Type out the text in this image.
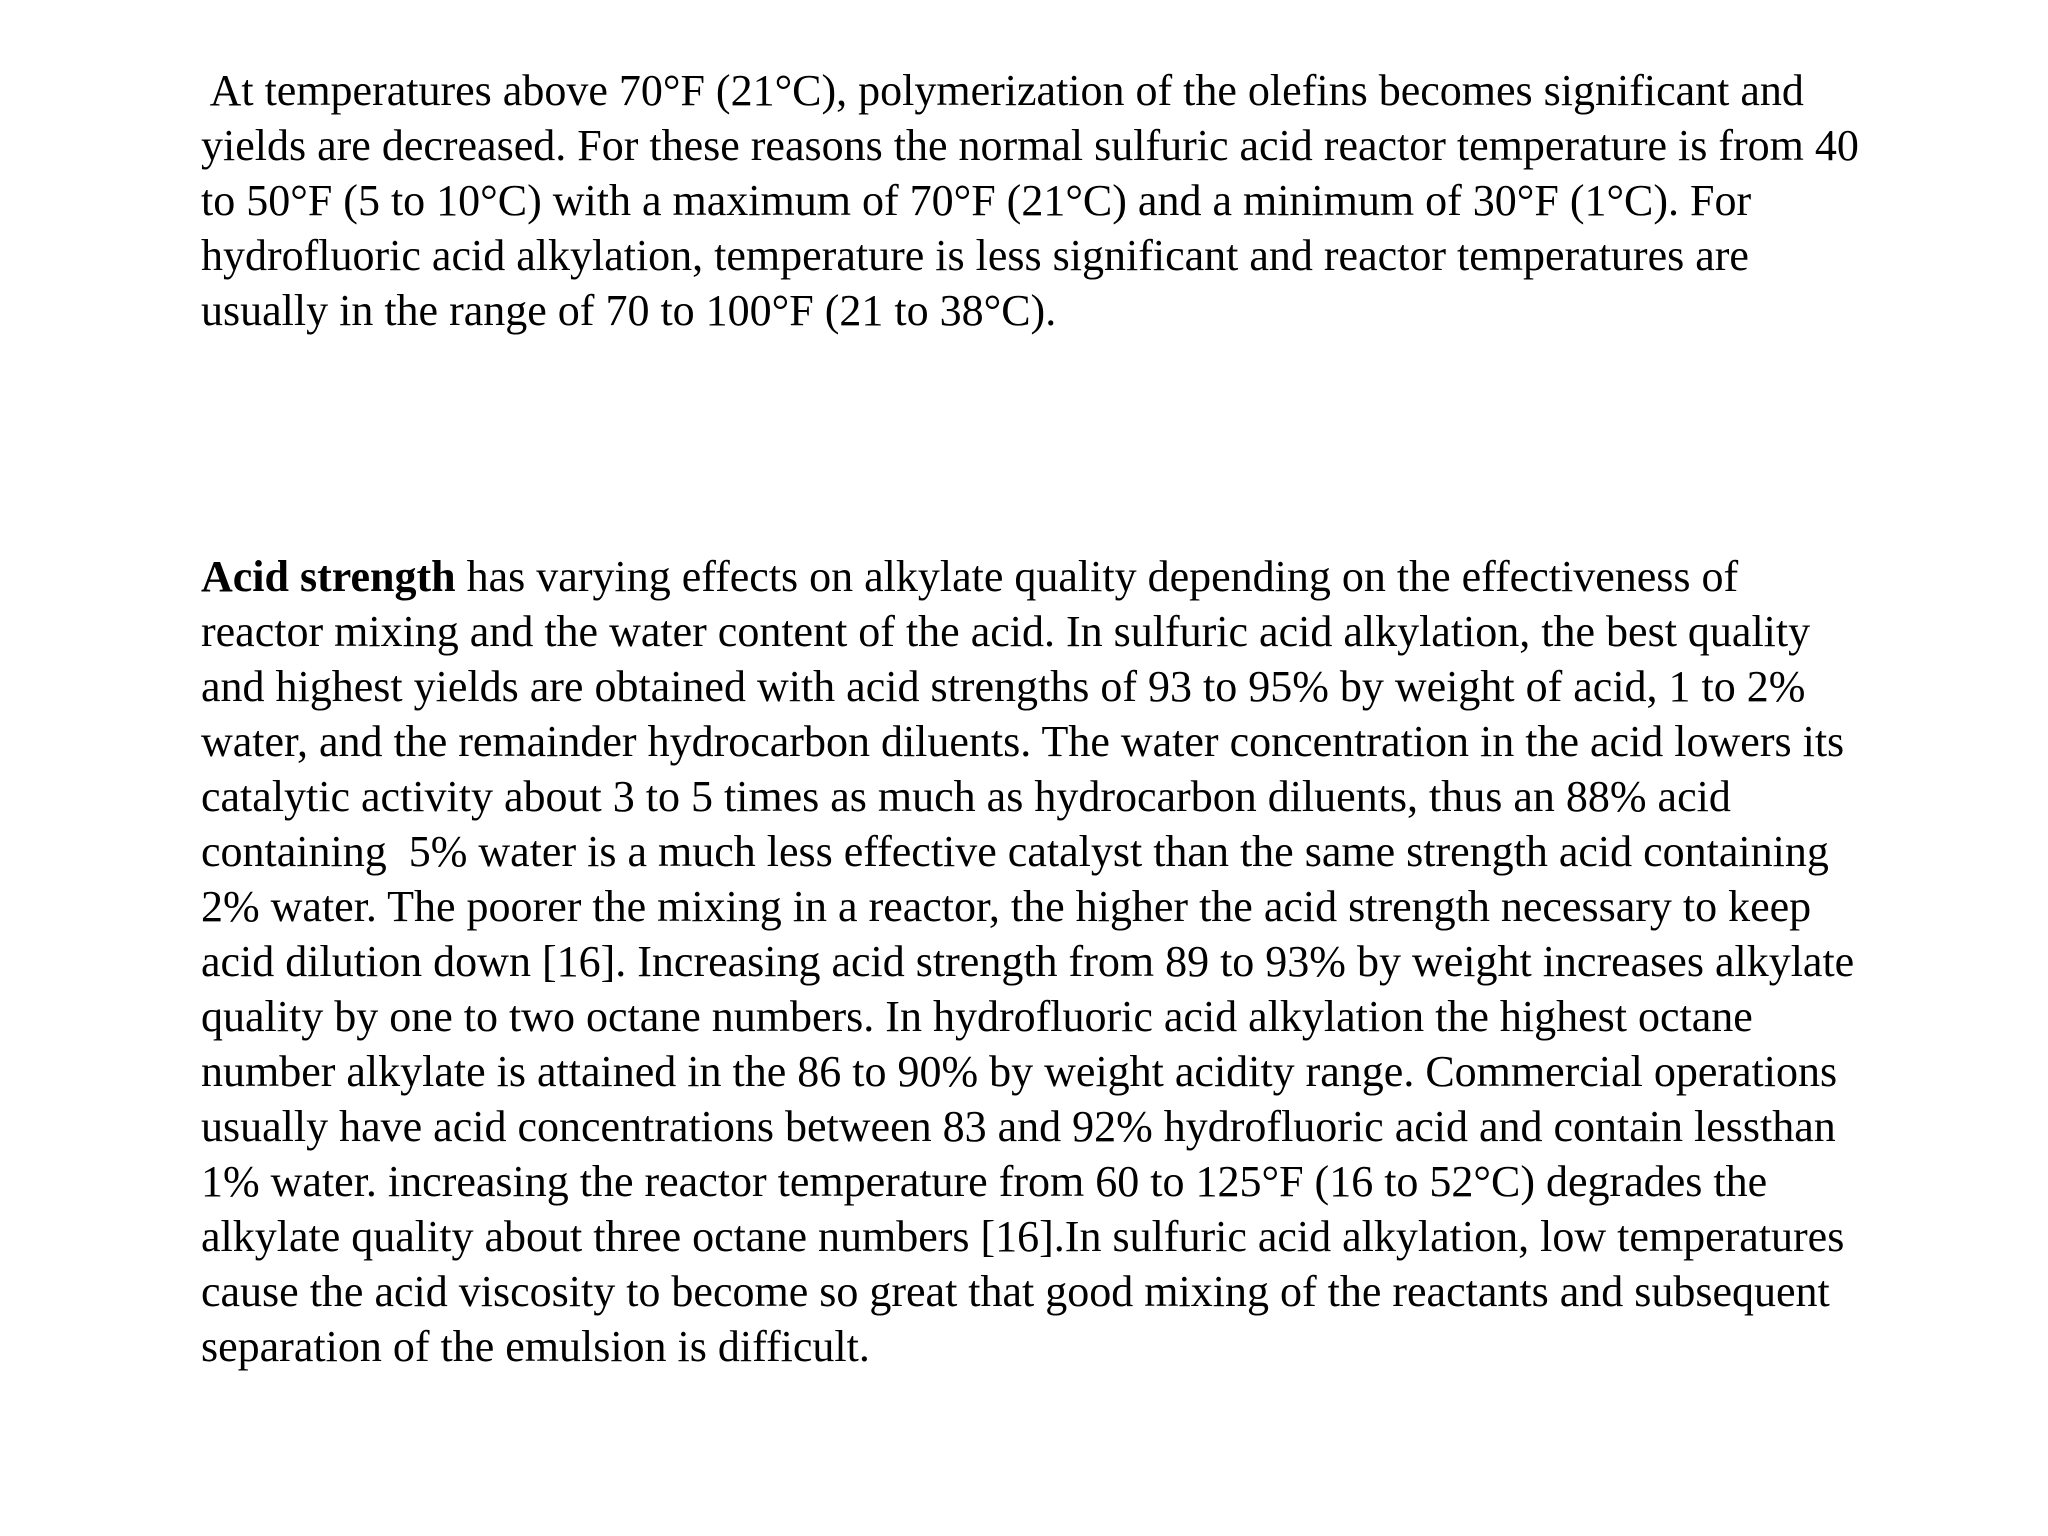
At temperatures above 70°F (21°C), polymerization of the olefins becomes significant and
yields are decreased. For these reasons the normal sulfuric acid reactor temperature is from 40
to 50°F (5 to 10°C) with a maximum of 70°F (21°C) and a minimum of 30°F (1°C). For
hydrofluoric acid alkylation, temperature is less significant and reactor temperatures are
usually in the range of 70 to 100°F (21 to 38°C).
Acid strength has varying effects on alkylate quality depending on the effectiveness of
reactor mixing and the water content of the acid. In sulfuric acid alkylation, the best quality
and highest yields are obtained with acid strengths of 93 to 95% by weight of acid, 1 to 2%
water, and the remainder hydrocarbon diluents. The water concentration in the acid lowers its
catalytic activity about 3 to 5 times as much as hydrocarbon diluents, thus an 88% acid
containing  5% water is a much less effective catalyst than the same strength acid containing
2% water. The poorer the mixing in a reactor, the higher the acid strength necessary to keep
acid dilution down [16]. Increasing acid strength from 89 to 93% by weight increases alkylate
quality by one to two octane numbers. In hydrofluoric acid alkylation the highest octane
number alkylate is attained in the 86 to 90% by weight acidity range. Commercial operations
usually have acid concentrations between 83 and 92% hydrofluoric acid and contain lessthan
1% water. increasing the reactor temperature from 60 to 125°F (16 to 52°C) degrades the
alkylate quality about three octane numbers [16].In sulfuric acid alkylation, low temperatures
cause the acid viscosity to become so great that good mixing of the reactants and subsequent
separation of the emulsion is difficult.
